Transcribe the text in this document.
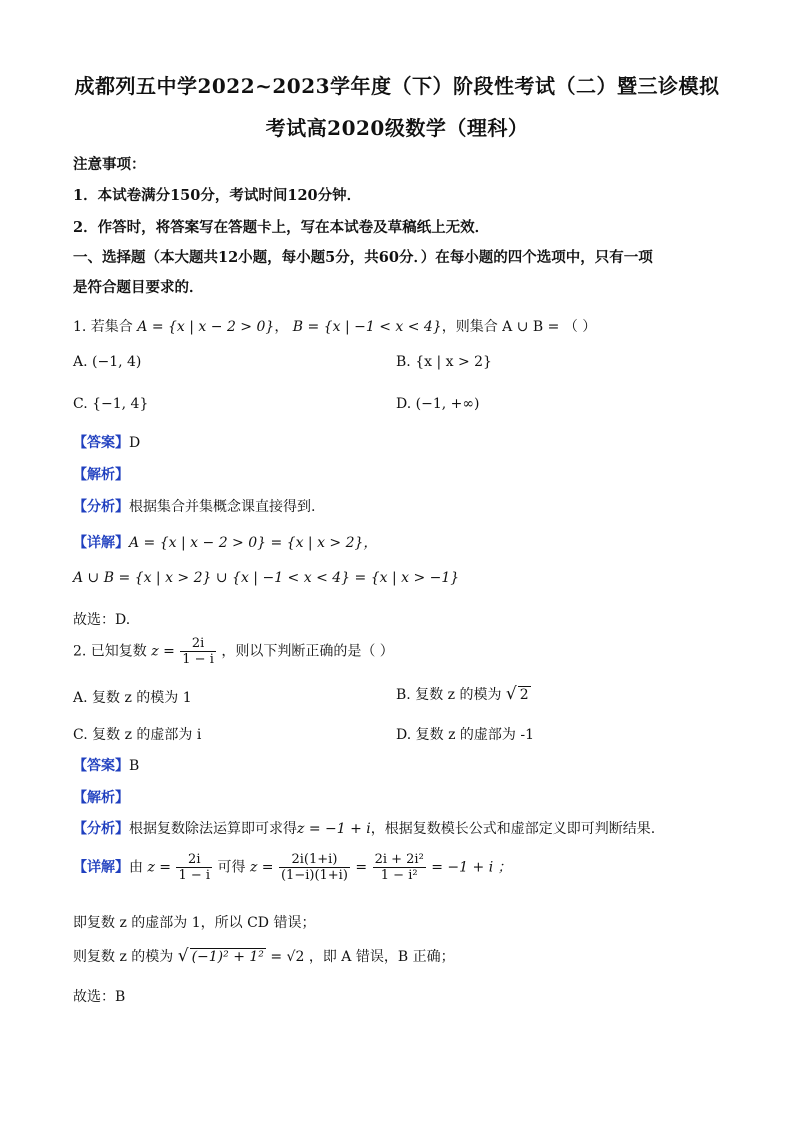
成都列五中学2022~2023学年度（下）阶段性考试（二）暨三诊模拟
考试高2020级数学（理科）
注意事项：
1．本试卷满分150分，考试时间120分钟．
2．作答时，将答案写在答题卡上，写在本试卷及草稿纸上无效．
一、选择题（本大题共12小题，每小题5分，共60分．）在每小题的四个选项中，只有一项
是符合题目要求的．
1. 若集合 A = {x | x − 2 > 0}， B = {x | −1 < x < 4}，则集合 A ∪ B = （ ）
A. (−1, 4)	B. {x | x > 2}
C. {−1, 4}	D. (−1, +∞)
【答案】D
【解析】
【分析】根据集合并集概念课直接得到.
【详解】A = {x | x − 2 > 0} = {x | x > 2}，
A ∪ B = {x | x > 2} ∪ {x | −1 < x < 4} = {x | x > −1}
故选：D.
2. 已知复数 $z = \frac{2i}{1 - i}$ ，则以下判断正确的是（ ）
A. 复数 z 的模为 1	B. 复数 z 的模为 √ 2
C. 复数 z 的虚部为 i	D. 复数 z 的虚部为 -1
【答案】B
【解析】
【分析】根据复数除法运算即可求得z = −1 + i，根据复数模长公式和虚部定义即可判断结果.
【详解】由 $z = \frac{2i}{1 - i}$ 可得 $z = \frac{2i(1+i)}{(1-i)(1+i)} = \frac{\text{2i + 2i²}}{\text{1 − i²}} = -1 + i$ ；
即复数 z 的虚部为 1，所以 CD 错误；
则复数 z 的模为 √ (−1)² + 1² = √2 ，即 A 错误，B 正确；
故选：B
